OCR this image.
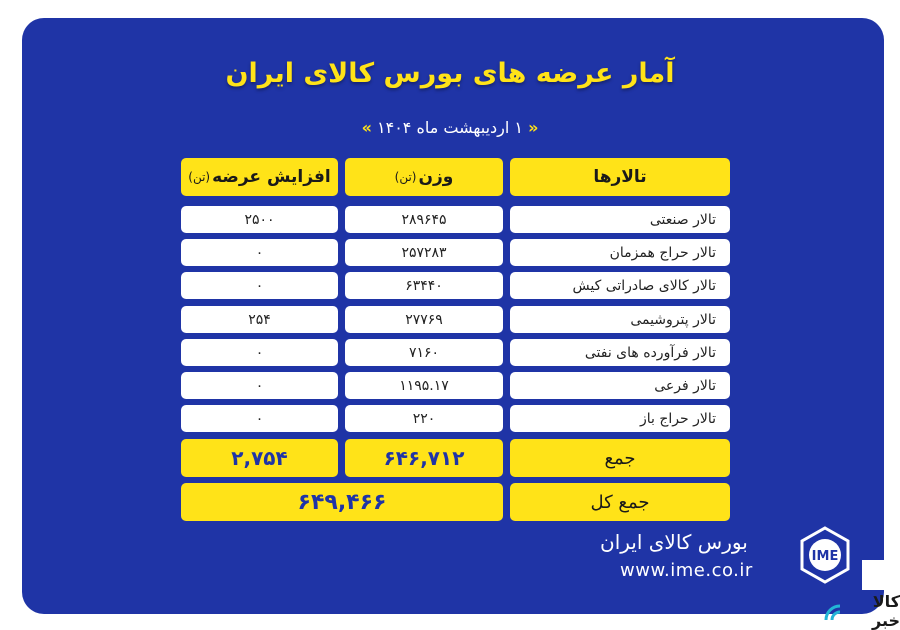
آمار عرضه های بورس کالای ایران
« ۱ اردیبهشت ماه ۱۴۰۴ »
تالارها
وزن
(تن)
افزایش عرضه
(تن)
تالار صنعتی
۲۸۹۶۴۵
۲۵۰۰
تالار حراج همزمان
۲۵۷۲۸۳
۰
تالار کالای صادراتی کیش
۶۳۴۴۰
۰
تالار پتروشیمی
۲۷۷۶۹
۲۵۴
تالار فرآورده های نفتی
۷۱۶۰
۰
تالار فرعی
۱۱۹۵.۱۷
۰
تالار حراج باز
۲۲۰
۰
جمع
۶۴۶,۷۱۲
۲,۷۵۴
جمع کل
۶۴۹,۴۶۶
بورس کالای ایران
www.ime.co.ir
IME
کالا خبر
